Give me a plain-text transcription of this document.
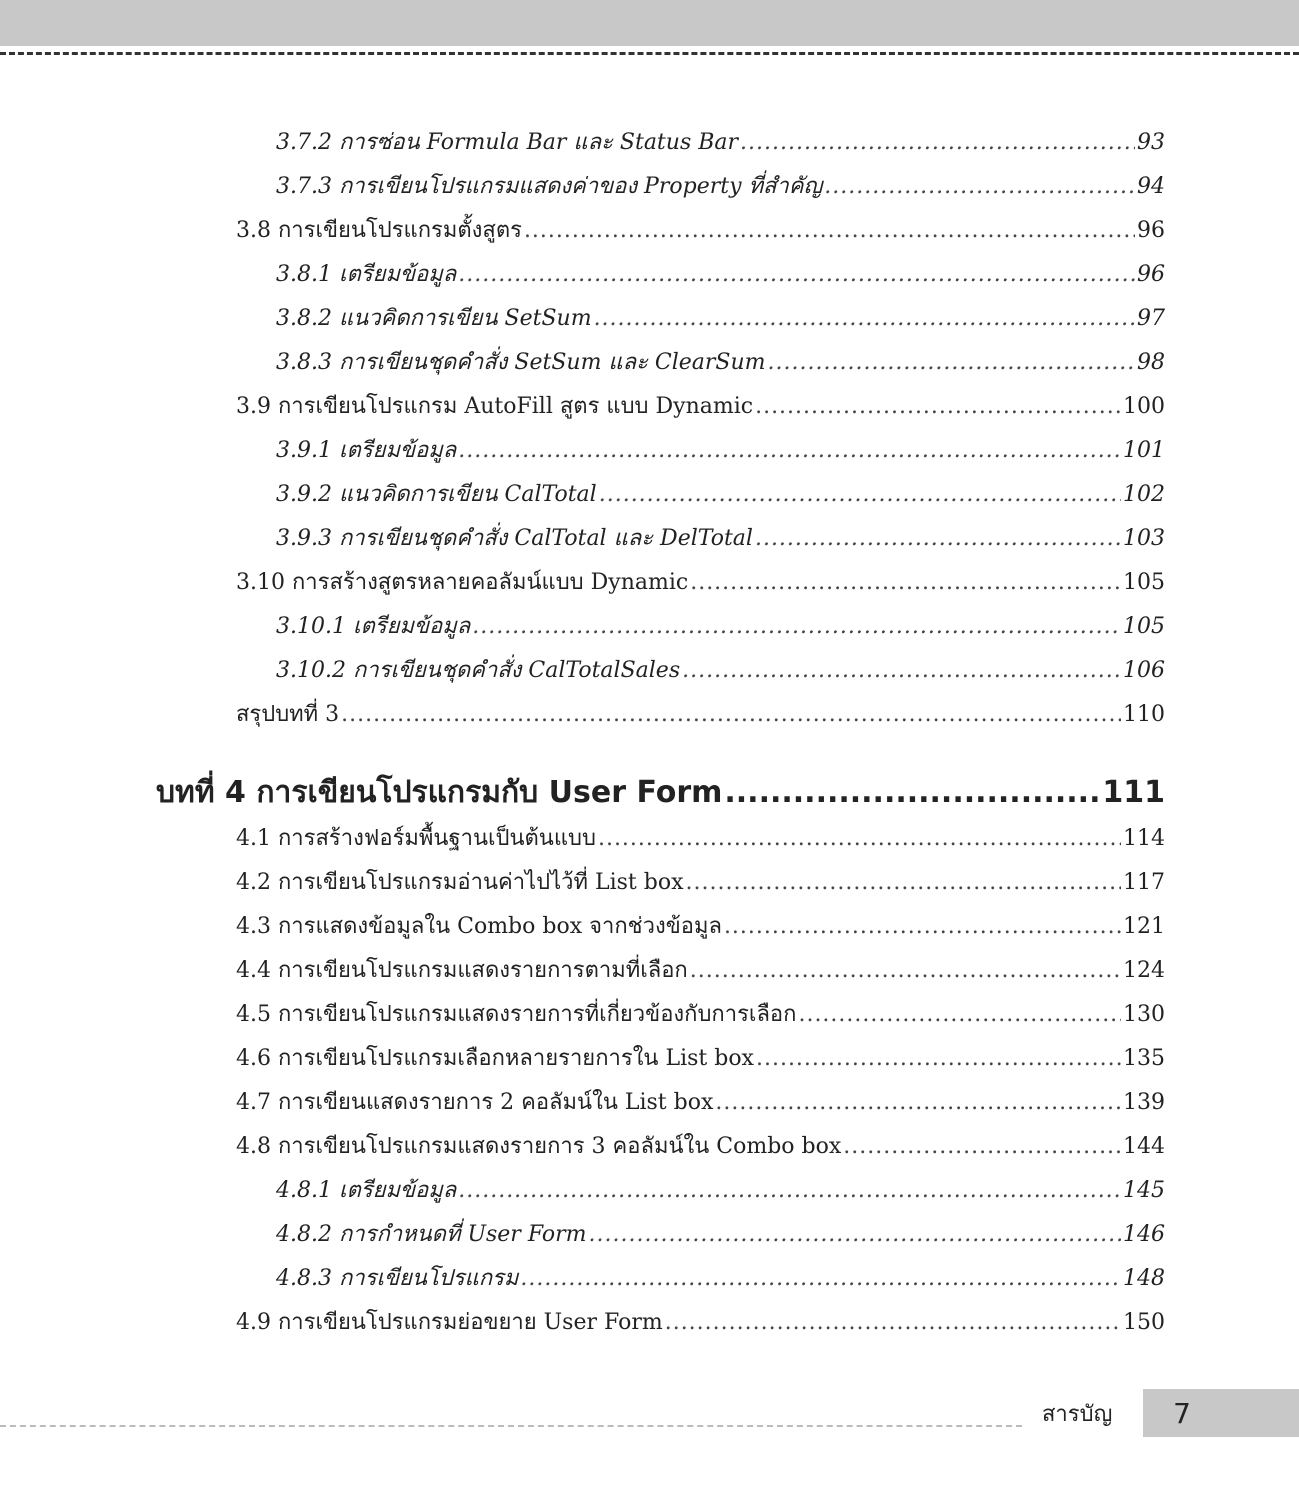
3.7.2 การซ่อน Formula Bar และ Status Bar .....	93
3.7.3 การเขียนโปรแกรมแสดงค่าของ Property ที่สำคัญ .....	94
3.8 การเขียนโปรแกรมตั้งสูตร .....	96
3.8.1 เตรียมข้อมูล .....	96
3.8.2 แนวคิดการเขียน SetSum .....	97
3.8.3 การเขียนชุดคำสั่ง SetSum และ ClearSum .....	98
3.9 การเขียนโปรแกรม AutoFill สูตร แบบ Dynamic .....	100
3.9.1 เตรียมข้อมูล .....	101
3.9.2 แนวคิดการเขียน CalTotal .....	102
3.9.3 การเขียนชุดคำสั่ง CalTotal และ DelTotal .....	103
3.10 การสร้างสูตรหลายคอลัมน์แบบ Dynamic .....	105
3.10.1 เตรียมข้อมูล .....	105
3.10.2 การเขียนชุดคำสั่ง CalTotalSales .....	106
สรุปบทที่ 3 .....	110
บทที่ 4 การเขียนโปรแกรมกับ User Form .....	111
4.1 การสร้างฟอร์มพื้นฐานเป็นต้นแบบ .....	114
4.2 การเขียนโปรแกรมอ่านค่าไปไว้ที่ List box .....	117
4.3 การแสดงข้อมูลใน Combo box จากช่วงข้อมูล .....	121
4.4 การเขียนโปรแกรมแสดงรายการตามที่เลือก .....	124
4.5 การเขียนโปรแกรมแสดงรายการที่เกี่ยวข้องกับการเลือก .....	130
4.6 การเขียนโปรแกรมเลือกหลายรายการใน List box .....	135
4.7 การเขียนแสดงรายการ 2 คอลัมน์ใน List box .....	139
4.8 การเขียนโปรแกรมแสดงรายการ 3 คอลัมน์ใน Combo box .....	144
4.8.1 เตรียมข้อมูล .....	145
4.8.2 การกำหนดที่ User Form .....	146
4.8.3 การเขียนโปรแกรม .....	148
4.9 การเขียนโปรแกรมย่อขยาย User Form .....	150
สารบัญ	7
